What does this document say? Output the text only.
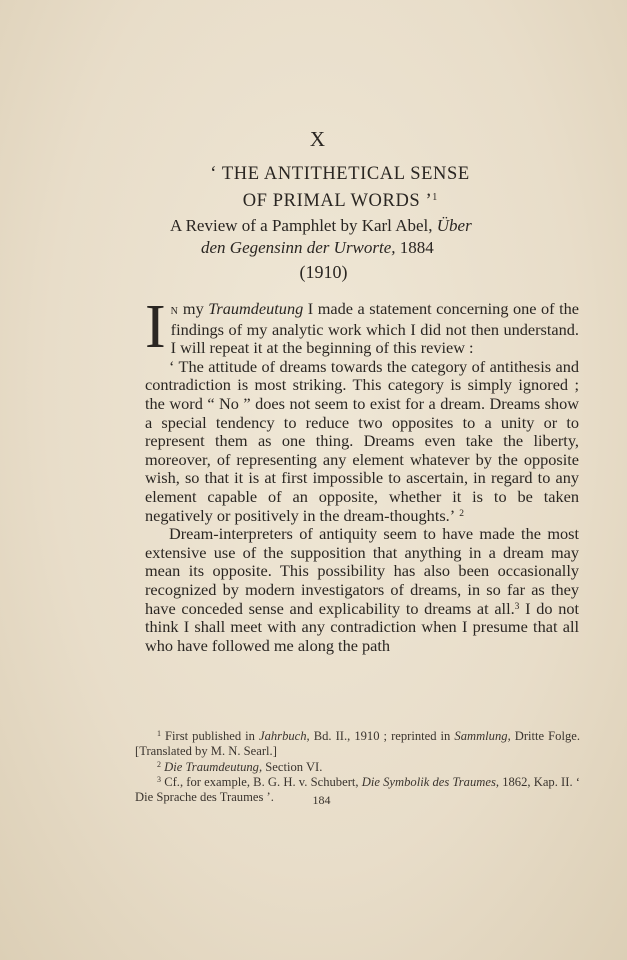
X
‘ THE ANTITHETICAL SENSE
OF PRIMAL WORDS ’$^1$
A Review of a Pamphlet by Karl Abel, Über
den Gegensinn der Urworte, 1884
(1910)

In my Traumdeutung I made a statement concerning one of the findings of my analytic work which I did not then understand. I will repeat it at the beginning of this review :

‘ The attitude of dreams towards the category of antithesis and contradiction is most striking. This category is simply ignored ; the word “ No ” does not seem to exist for a dream. Dreams show a special tendency to reduce two opposites to a unity or to represent them as one thing. Dreams even take the liberty, moreover, of representing any element whatever by the opposite wish, so that it is at first impossible to ascertain, in regard to any element capable of an opposite, whether it is to be taken negatively or positively in the dream-thoughts.’ $^2$

Dream-interpreters of antiquity seem to have made the most extensive use of the supposition that anything in a dream may mean its opposite. This possibility has also been occasionally recognized by modern investigators of dreams, in so far as they have conceded sense and explicability to dreams at all.$^3$ I do not think I shall meet with any contradiction when I presume that all who have followed me along the path

$^1$ First published in Jahrbuch, Bd. II., 1910 ; reprinted in Sammlung, Dritte Folge. [Translated by M. N. Searl.]

$^2$ Die Traumdeutung, Section VI.

$^3$ Cf., for example, B. G. H. v. Schubert, Die Symbolik des Traumes, 1862, Kap. II. ‘ Die Sprache des Traumes ’.	184
